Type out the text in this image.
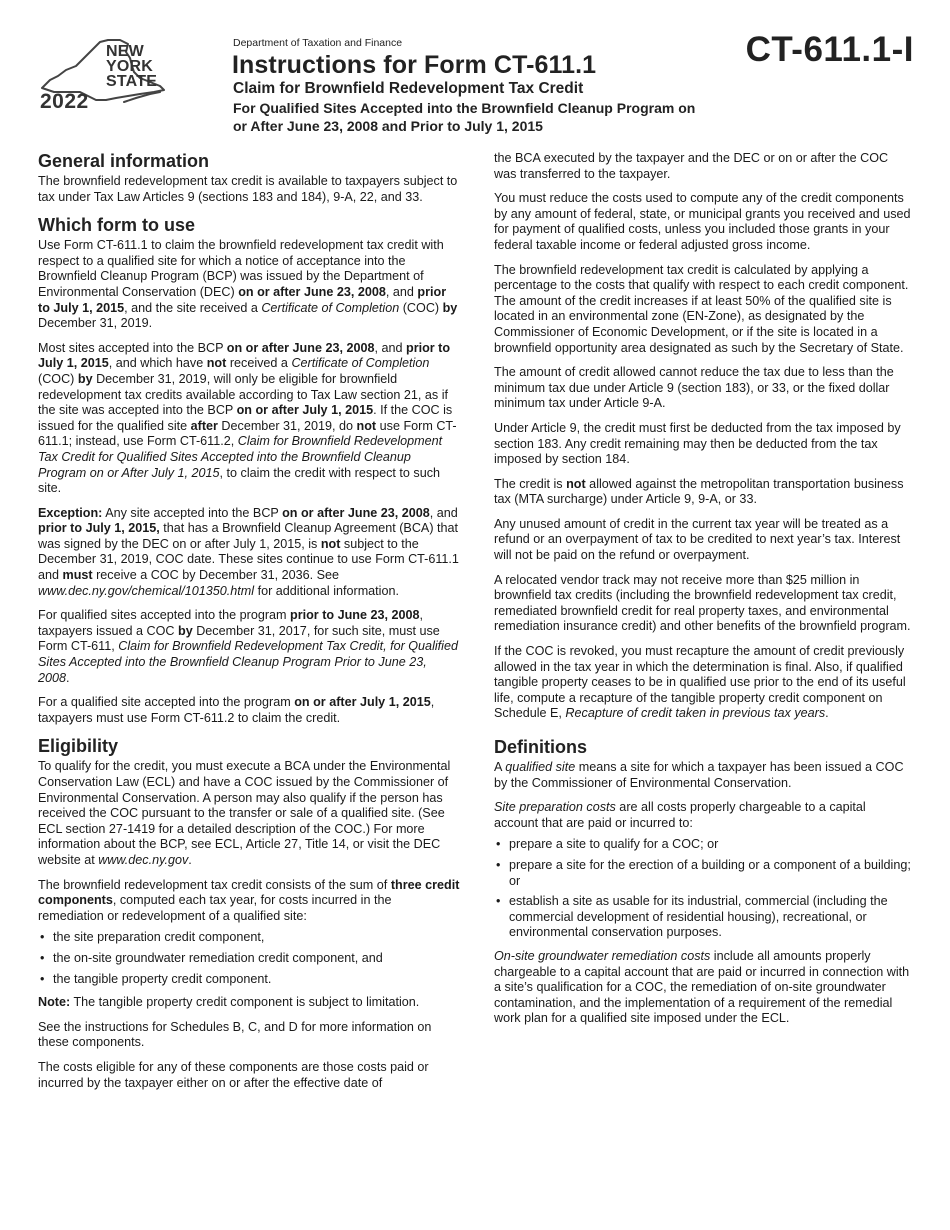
NEW
YORK
STATE
2022
Department of Taxation and Finance
Instructions for Form CT-611.1
Claim for Brownfield Redevelopment Tax Credit
For Qualified Sites Accepted into the Brownfield Cleanup Program on or After June 23, 2008 and Prior to July 1, 2015
CT-611.1-I
General information

The brownfield redevelopment tax credit is available to taxpayers subject to tax under Tax Law Articles 9 (sections 183 and 184), 9-A, 22, and 33.

Which form to use

Use Form CT-611.1 to claim the brownfield redevelopment tax credit with respect to a qualified site for which a notice of acceptance into the Brownfield Cleanup Program (BCP) was issued by the Department of Environmental Conservation (DEC) on or after June 23, 2008, and prior to July 1, 2015, and the site received a Certificate of Completion (COC) by December 31, 2019.

Most sites accepted into the BCP on or after June 23, 2008, and prior to July 1, 2015, and which have not received a Certificate of Completion (COC) by December 31, 2019, will only be eligible for brownfield redevelopment tax credits available according to Tax Law section 21, as if the site was accepted into the BCP on or after July 1, 2015. If the COC is issued for the qualified site after December 31, 2019, do not use Form CT-611.1; instead, use Form CT-611.2, Claim for Brownfield Redevelopment Tax Credit for Qualified Sites Accepted into the Brownfield Cleanup Program on or After July 1, 2015, to claim the credit with respect to such site.

Exception: Any site accepted into the BCP on or after June 23, 2008, and prior to July 1, 2015, that has a Brownfield Cleanup Agreement (BCA) that was signed by the DEC on or after July 1, 2015, is not subject to the December 31, 2019, COC date. These sites continue to use Form CT-611.1 and must receive a COC by December 31, 2036. See www.dec.ny.gov/chemical/101350.html for additional information.

For qualified sites accepted into the program prior to June 23, 2008, taxpayers issued a COC by December 31, 2017, for such site, must use Form CT-611, Claim for Brownfield Redevelopment Tax Credit, for Qualified Sites Accepted into the Brownfield Cleanup Program Prior to June 23, 2008.

For a qualified site accepted into the program on or after July 1, 2015, taxpayers must use Form CT-611.2 to claim the credit.

Eligibility

To qualify for the credit, you must execute a BCA under the Environmental Conservation Law (ECL) and have a COC issued by the Commissioner of Environmental Conservation. A person may also qualify if the person has received the COC pursuant to the transfer or sale of a qualified site. (See ECL section 27-1419 for a detailed description of the COC.) For more information about the BCP, see ECL, Article 27, Title 14, or visit the DEC website at www.dec.ny.gov.

The brownfield redevelopment tax credit consists of the sum of three credit components, computed each tax year, for costs incurred in the remediation or redevelopment of a qualified site:

• the site preparation credit component,
• the on-site groundwater remediation credit component, and
• the tangible property credit component.

Note: The tangible property credit component is subject to limitation.

See the instructions for Schedules B, C, and D for more information on these components.

The costs eligible for any of these components are those costs paid or incurred by the taxpayer either on or after the effective date of

the BCA executed by the taxpayer and the DEC or on or after the COC was transferred to the taxpayer.

You must reduce the costs used to compute any of the credit components by any amount of federal, state, or municipal grants you received and used for payment of qualified costs, unless you included those grants in your federal taxable income or federal adjusted gross income.

The brownfield redevelopment tax credit is calculated by applying a percentage to the costs that qualify with respect to each credit component. The amount of the credit increases if at least 50% of the qualified site is located in an environmental zone (EN-Zone), as designated by the Commissioner of Economic Development, or if the site is located in a brownfield opportunity area designated as such by the Secretary of State.

The amount of credit allowed cannot reduce the tax due to less than the minimum tax due under Article 9 (section 183), or 33, or the fixed dollar minimum tax under Article 9-A.

Under Article 9, the credit must first be deducted from the tax imposed by section 183. Any credit remaining may then be deducted from the tax imposed by section 184.

The credit is not allowed against the metropolitan transportation business tax (MTA surcharge) under Article 9, 9-A, or 33.

Any unused amount of credit in the current tax year will be treated as a refund or an overpayment of tax to be credited to next year’s tax. Interest will not be paid on the refund or overpayment.

A relocated vendor track may not receive more than $25 million in brownfield tax credits (including the brownfield redevelopment tax credit, remediated brownfield credit for real property taxes, and environmental remediation insurance credit) and other benefits of the brownfield program.

If the COC is revoked, you must recapture the amount of credit previously allowed in the tax year in which the determination is final. Also, if qualified tangible property ceases to be in qualified use prior to the end of its useful life, compute a recapture of the tangible property credit component on Schedule E, Recapture of credit taken in previous tax years.

Definitions

A qualified site means a site for which a taxpayer has been issued a COC by the Commissioner of Environmental Conservation.

Site preparation costs are all costs properly chargeable to a capital account that are paid or incurred to:

• prepare a site to qualify for a COC; or
• prepare a site for the erection of a building or a component of a building; or
• establish a site as usable for its industrial, commercial (including the commercial development of residential housing), recreational, or environmental conservation purposes.

On-site groundwater remediation costs include all amounts properly chargeable to a capital account that are paid or incurred in connection with a site’s qualification for a COC, the remediation of on-site groundwater contamination, and the implementation of a requirement of the remedial work plan for a qualified site imposed under the ECL.
